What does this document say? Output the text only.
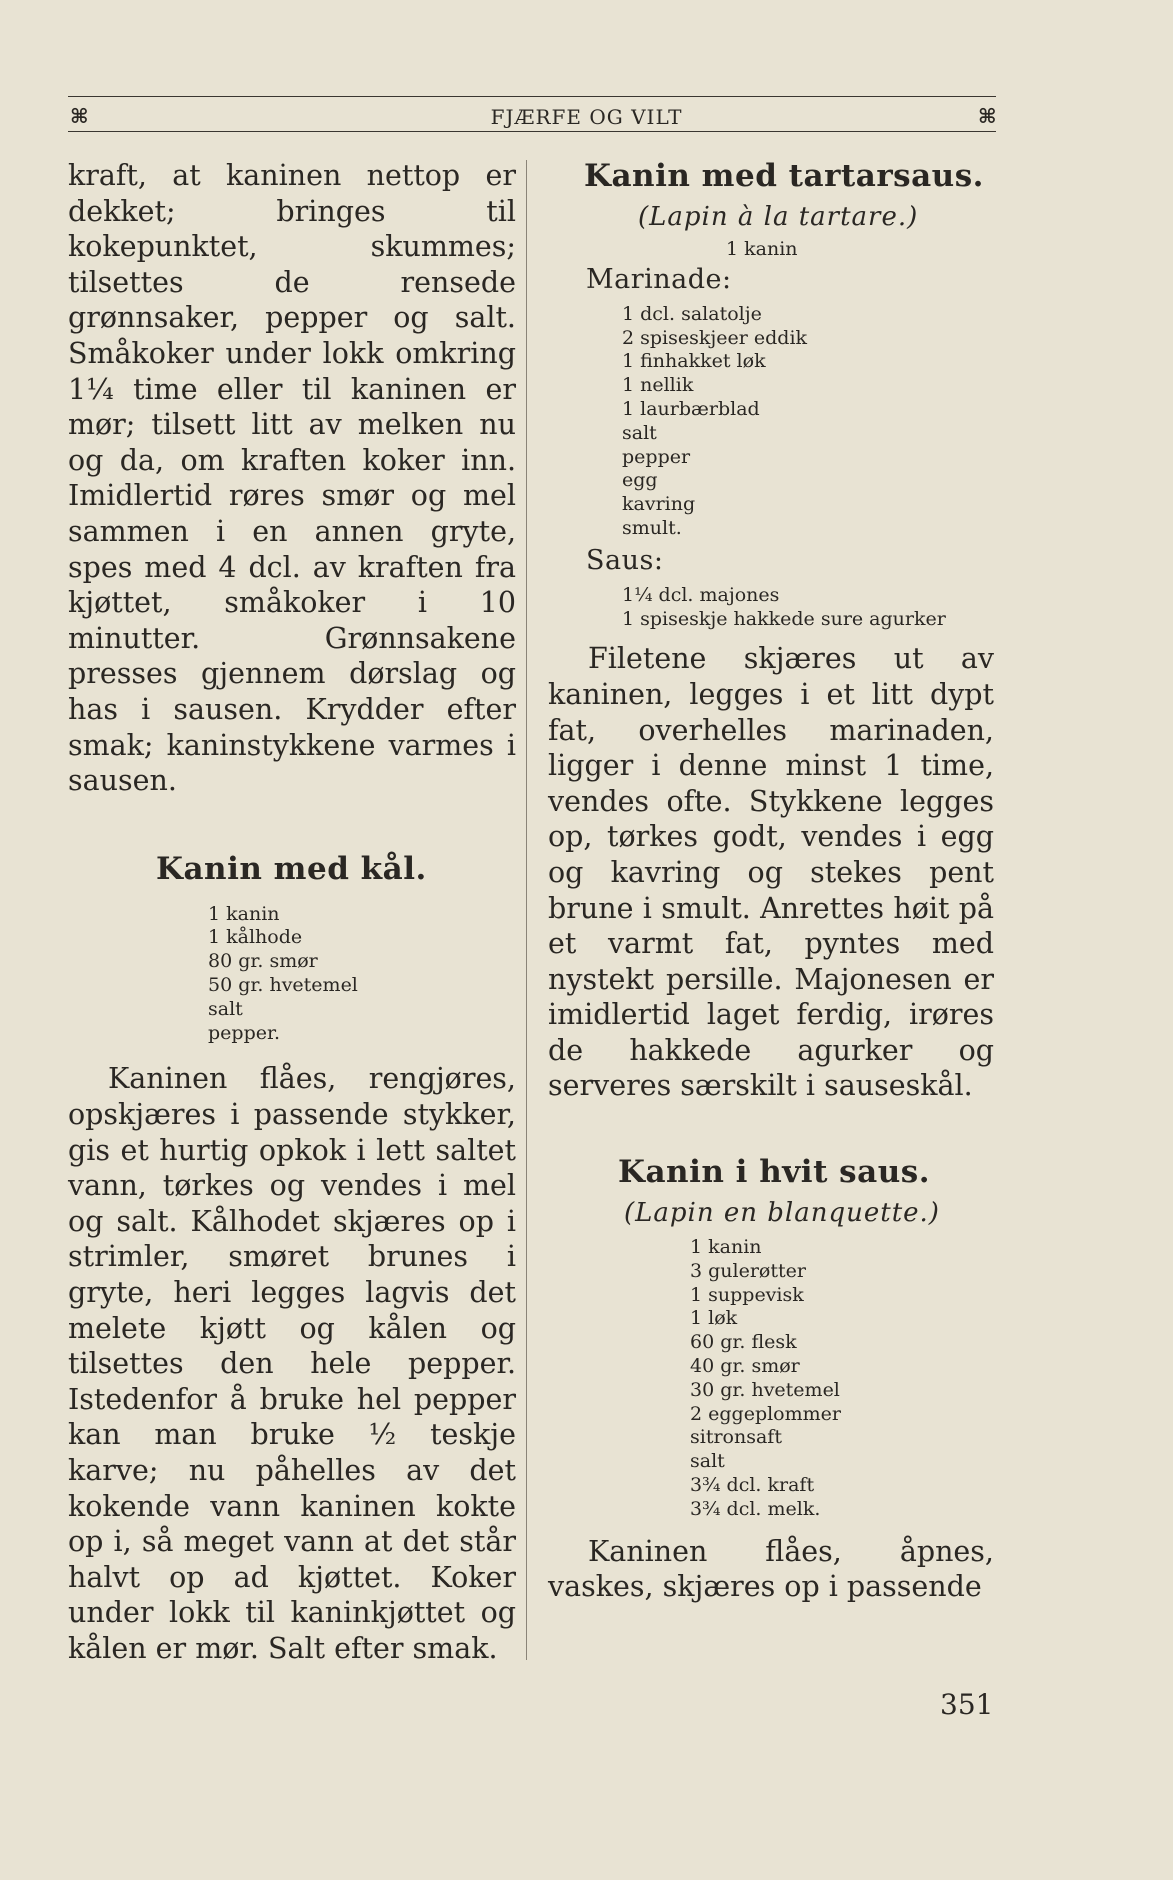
⌘	FJÆRFE OG VILT	⌘

kraft, at kaninen nettop er dekket; bringes til kokepunktet, skummes; tilsettes de rensede grønnsaker, pepper og salt. Småkoker under lokk omkring 1¼ time eller til kaninen er mør; tilsett litt av melken nu og da, om kraften koker inn. Imidlertid røres smør og mel sammen i en annen gryte, spes med 4 dcl. av kraften fra kjøttet, småkoker i 10 minutter. Grønnsakene presses gjennem dørslag og has i sausen. Krydder efter smak; kaninstykkene varmes i sausen.

Kanin med kål.
1 kanin
1 kålhode
80 gr. smør
50 gr. hvetemel
salt
pepper.

Kaninen flåes, rengjøres, opskjæres i passende stykker, gis et hurtig opkok i lett saltet vann, tørkes og vendes i mel og salt. Kålhodet skjæres op i strimler, smøret brunes i gryte, heri legges lagvis det melete kjøtt og kålen og tilsettes den hele pepper. Istedenfor å bruke hel pepper kan man bruke ½ teskje karve; nu påhelles av det kokende vann kaninen kokte op i, så meget vann at det står halvt op ad kjøttet. Koker under lokk til kaninkjøttet og kålen er mør. Salt efter smak.

Kanin med tartarsaus.
(Lapin à la tartare.)
1 kanin
Marinade:
1 dcl. salatolje
2 spiseskjeer eddik
1 finhakket løk
1 nellik
1 laurbærblad
salt
pepper
egg
kavring
smult.
Saus:
1¼ dcl. majones
1 spiseskje hakkede sure agurker

Filetene skjæres ut av kaninen, legges i et litt dypt fat, overhelles marinaden, ligger i denne minst 1 time, vendes ofte. Stykkene legges op, tørkes godt, vendes i egg og kavring og stekes pent brune i smult. Anrettes høit på et varmt fat, pyntes med nystekt persille. Majonesen er imidlertid laget ferdig, irøres de hakkede agurker og serveres særskilt i sauseskål.

Kanin i hvit saus.
(Lapin en blanquette.)
1 kanin
3 gulerøtter
1 suppevisk
1 løk
60 gr. flesk
40 gr. smør
30 gr. hvetemel
2 eggeplommer
sitronsaft
salt
3¾ dcl. kraft
3¾ dcl. melk.

Kaninen flåes, åpnes, vaskes, skjæres op i passende

351
